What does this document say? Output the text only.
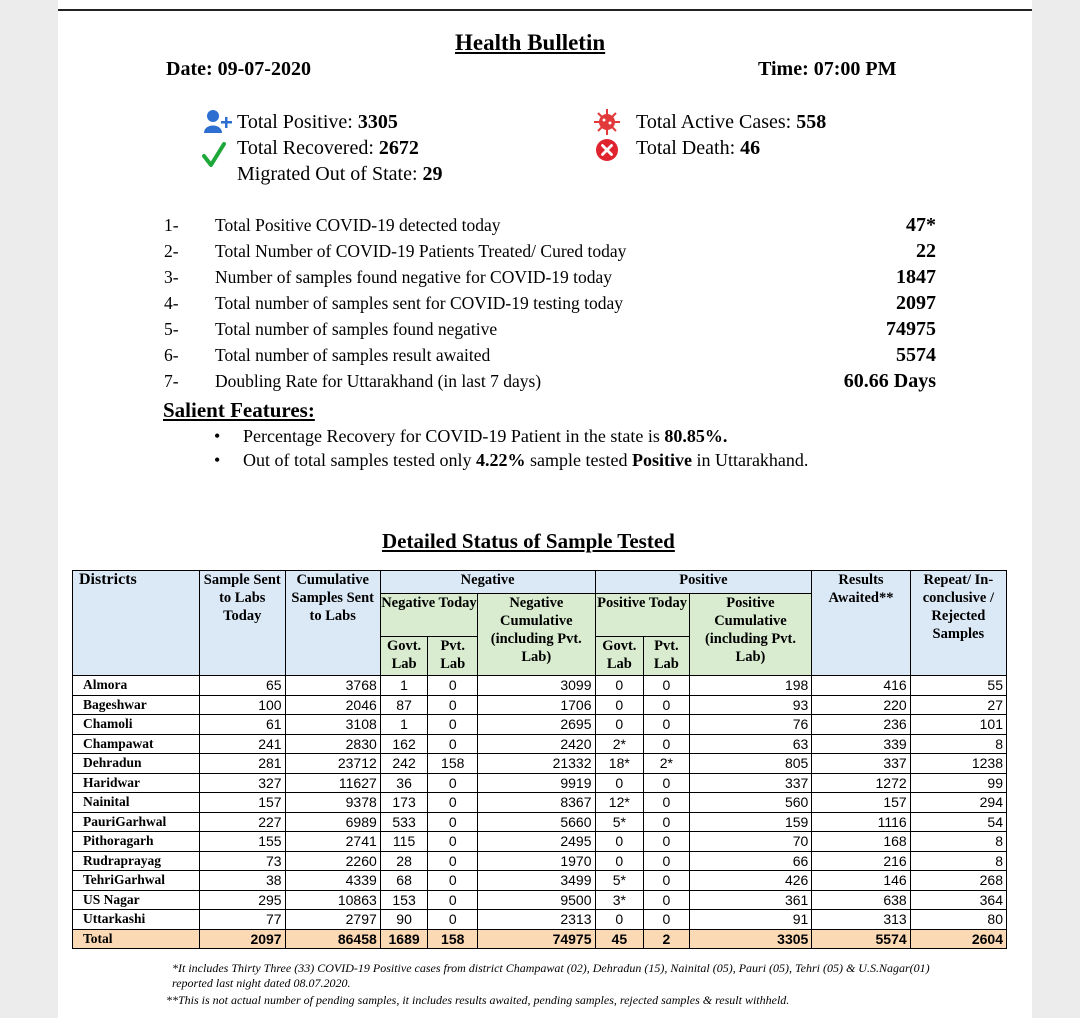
Health Bulletin
Date: 09-07-2020	Time: 07:00 PM
Total Positive: 3305
Total Recovered: 2672
Migrated Out of State: 29
Total Active Cases: 558
Total Death: 46
1- Total Positive COVID-19 detected today	47*
2- Total Number of COVID-19 Patients Treated/ Cured today	22
3- Number of samples found negative for COVID-19 today	1847
4- Total number of samples sent for COVID-19 testing today	2097
5- Total number of samples found negative	74975
6- Total number of samples result awaited	5574
7- Doubling Rate for Uttarakhand (in last 7 days)	60.66 Days
Salient Features:
• Percentage Recovery for COVID-19 Patient in the state is 80.85%.
• Out of total samples tested only 4.22% sample tested Positive in Uttarakhand.
Detailed Status of Sample Tested
Districts	Sample Sent to Labs Today	Cumulative Samples Sent to Labs	Negative			Positive			Results Awaited**	Repeat/ In-conclusive / Rejected Samples
			Negative Today		Negative Cumulative (including Pvt. Lab)	Positive Today		Positive Cumulative (including Pvt. Lab)		
			Govt. Lab	Pvt. Lab		Govt. Lab	Pvt. Lab			
Almora	65	3768	1	0	3099	0	0	198	416	55
Bageshwar	100	2046	87	0	1706	0	0	93	220	27
Chamoli	61	3108	1	0	2695	0	0	76	236	101
Champawat	241	2830	162	0	2420	2*	0	63	339	8
Dehradun	281	23712	242	158	21332	18*	2*	805	337	1238
Haridwar	327	11627	36	0	9919	0	0	337	1272	99
Nainital	157	9378	173	0	8367	12*	0	560	157	294
PauriGarhwal	227	6989	533	0	5660	5*	0	159	1116	54
Pithoragarh	155	2741	115	0	2495	0	0	70	168	8
Rudraprayag	73	2260	28	0	1970	0	0	66	216	8
TehriGarhwal	38	4339	68	0	3499	5*	0	426	146	268
US Nagar	295	10863	153	0	9500	3*	0	361	638	364
Uttarkashi	77	2797	90	0	2313	0	0	91	313	80
Total	2097	86458	1689	158	74975	45	2	3305	5574	2604
*It includes Thirty Three (33) COVID-19 Positive cases from district Champawat (02), Dehradun (15), Nainital (05), Pauri (05), Tehri (05) & U.S.Nagar(01) reported last night dated 08.07.2020.
**This is not actual number of pending samples, it includes results awaited, pending samples, rejected samples & result withheld.
